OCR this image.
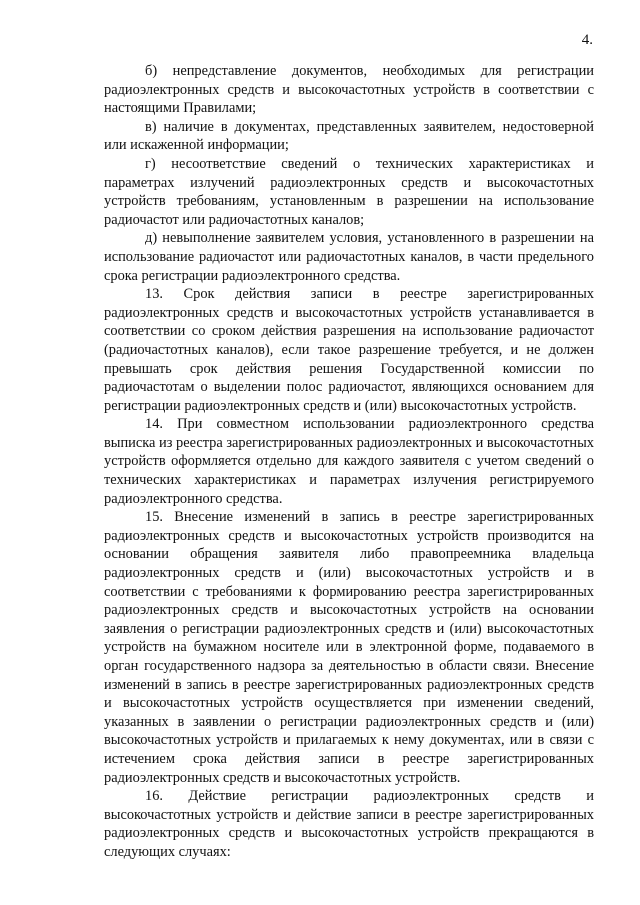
4.

б) непредставление документов, необходимых для регистрации радиоэлектронных средств и высокочастотных устройств в соответствии с настоящими Правилами;

в) наличие в документах, представленных заявителем, недостоверной или искаженной информации;

г) несоответствие сведений о технических характеристиках и параметрах излучений радиоэлектронных средств и высокочастотных устройств требованиям, установленным в разрешении на использование радиочастот или радиочастотных каналов;

д) невыполнение заявителем условия, установленного в разрешении на использование радиочастот или радиочастотных каналов, в части предельного срока регистрации радиоэлектронного средства.

13. Срок действия записи в реестре зарегистрированных радиоэлектронных средств и высокочастотных устройств устанавливается в соответствии со сроком действия разрешения на использование радиочастот (радиочастотных каналов), если такое разрешение требуется, и не должен превышать срок действия решения Государственной комиссии по радиочастотам о выделении полос радиочастот, являющихся основанием для регистрации радиоэлектронных средств и (или) высокочастотных устройств.

14. При совместном использовании радиоэлектронного средства выписка из реестра зарегистрированных радиоэлектронных и высокочастотных устройств оформляется отдельно для каждого заявителя с учетом сведений о технических характеристиках и параметрах излучения регистрируемого радиоэлектронного средства.

15. Внесение изменений в запись в реестре зарегистрированных радиоэлектронных средств и высокочастотных устройств производится на основании обращения заявителя либо правопреемника владельца радиоэлектронных средств и (или) высокочастотных устройств и в соответствии с требованиями к формированию реестра зарегистрированных радиоэлектронных средств и высокочастотных устройств на основании заявления о регистрации радиоэлектронных средств и (или) высокочастотных устройств на бумажном носителе или в электронной форме, подаваемого в орган государственного надзора за деятельностью в области связи. Внесение изменений в запись в реестре зарегистрированных радиоэлектронных средств и высокочастотных устройств осуществляется при изменении сведений, указанных в заявлении о регистрации радиоэлектронных средств и (или) высокочастотных устройств и прилагаемых к нему документах, или в связи с истечением срока действия записи в реестре зарегистрированных радиоэлектронных средств и высокочастотных устройств.

16. Действие регистрации радиоэлектронных средств и высокочастотных устройств и действие записи в реестре зарегистрированных радиоэлектронных средств и высокочастотных устройств прекращаются в следующих случаях:
